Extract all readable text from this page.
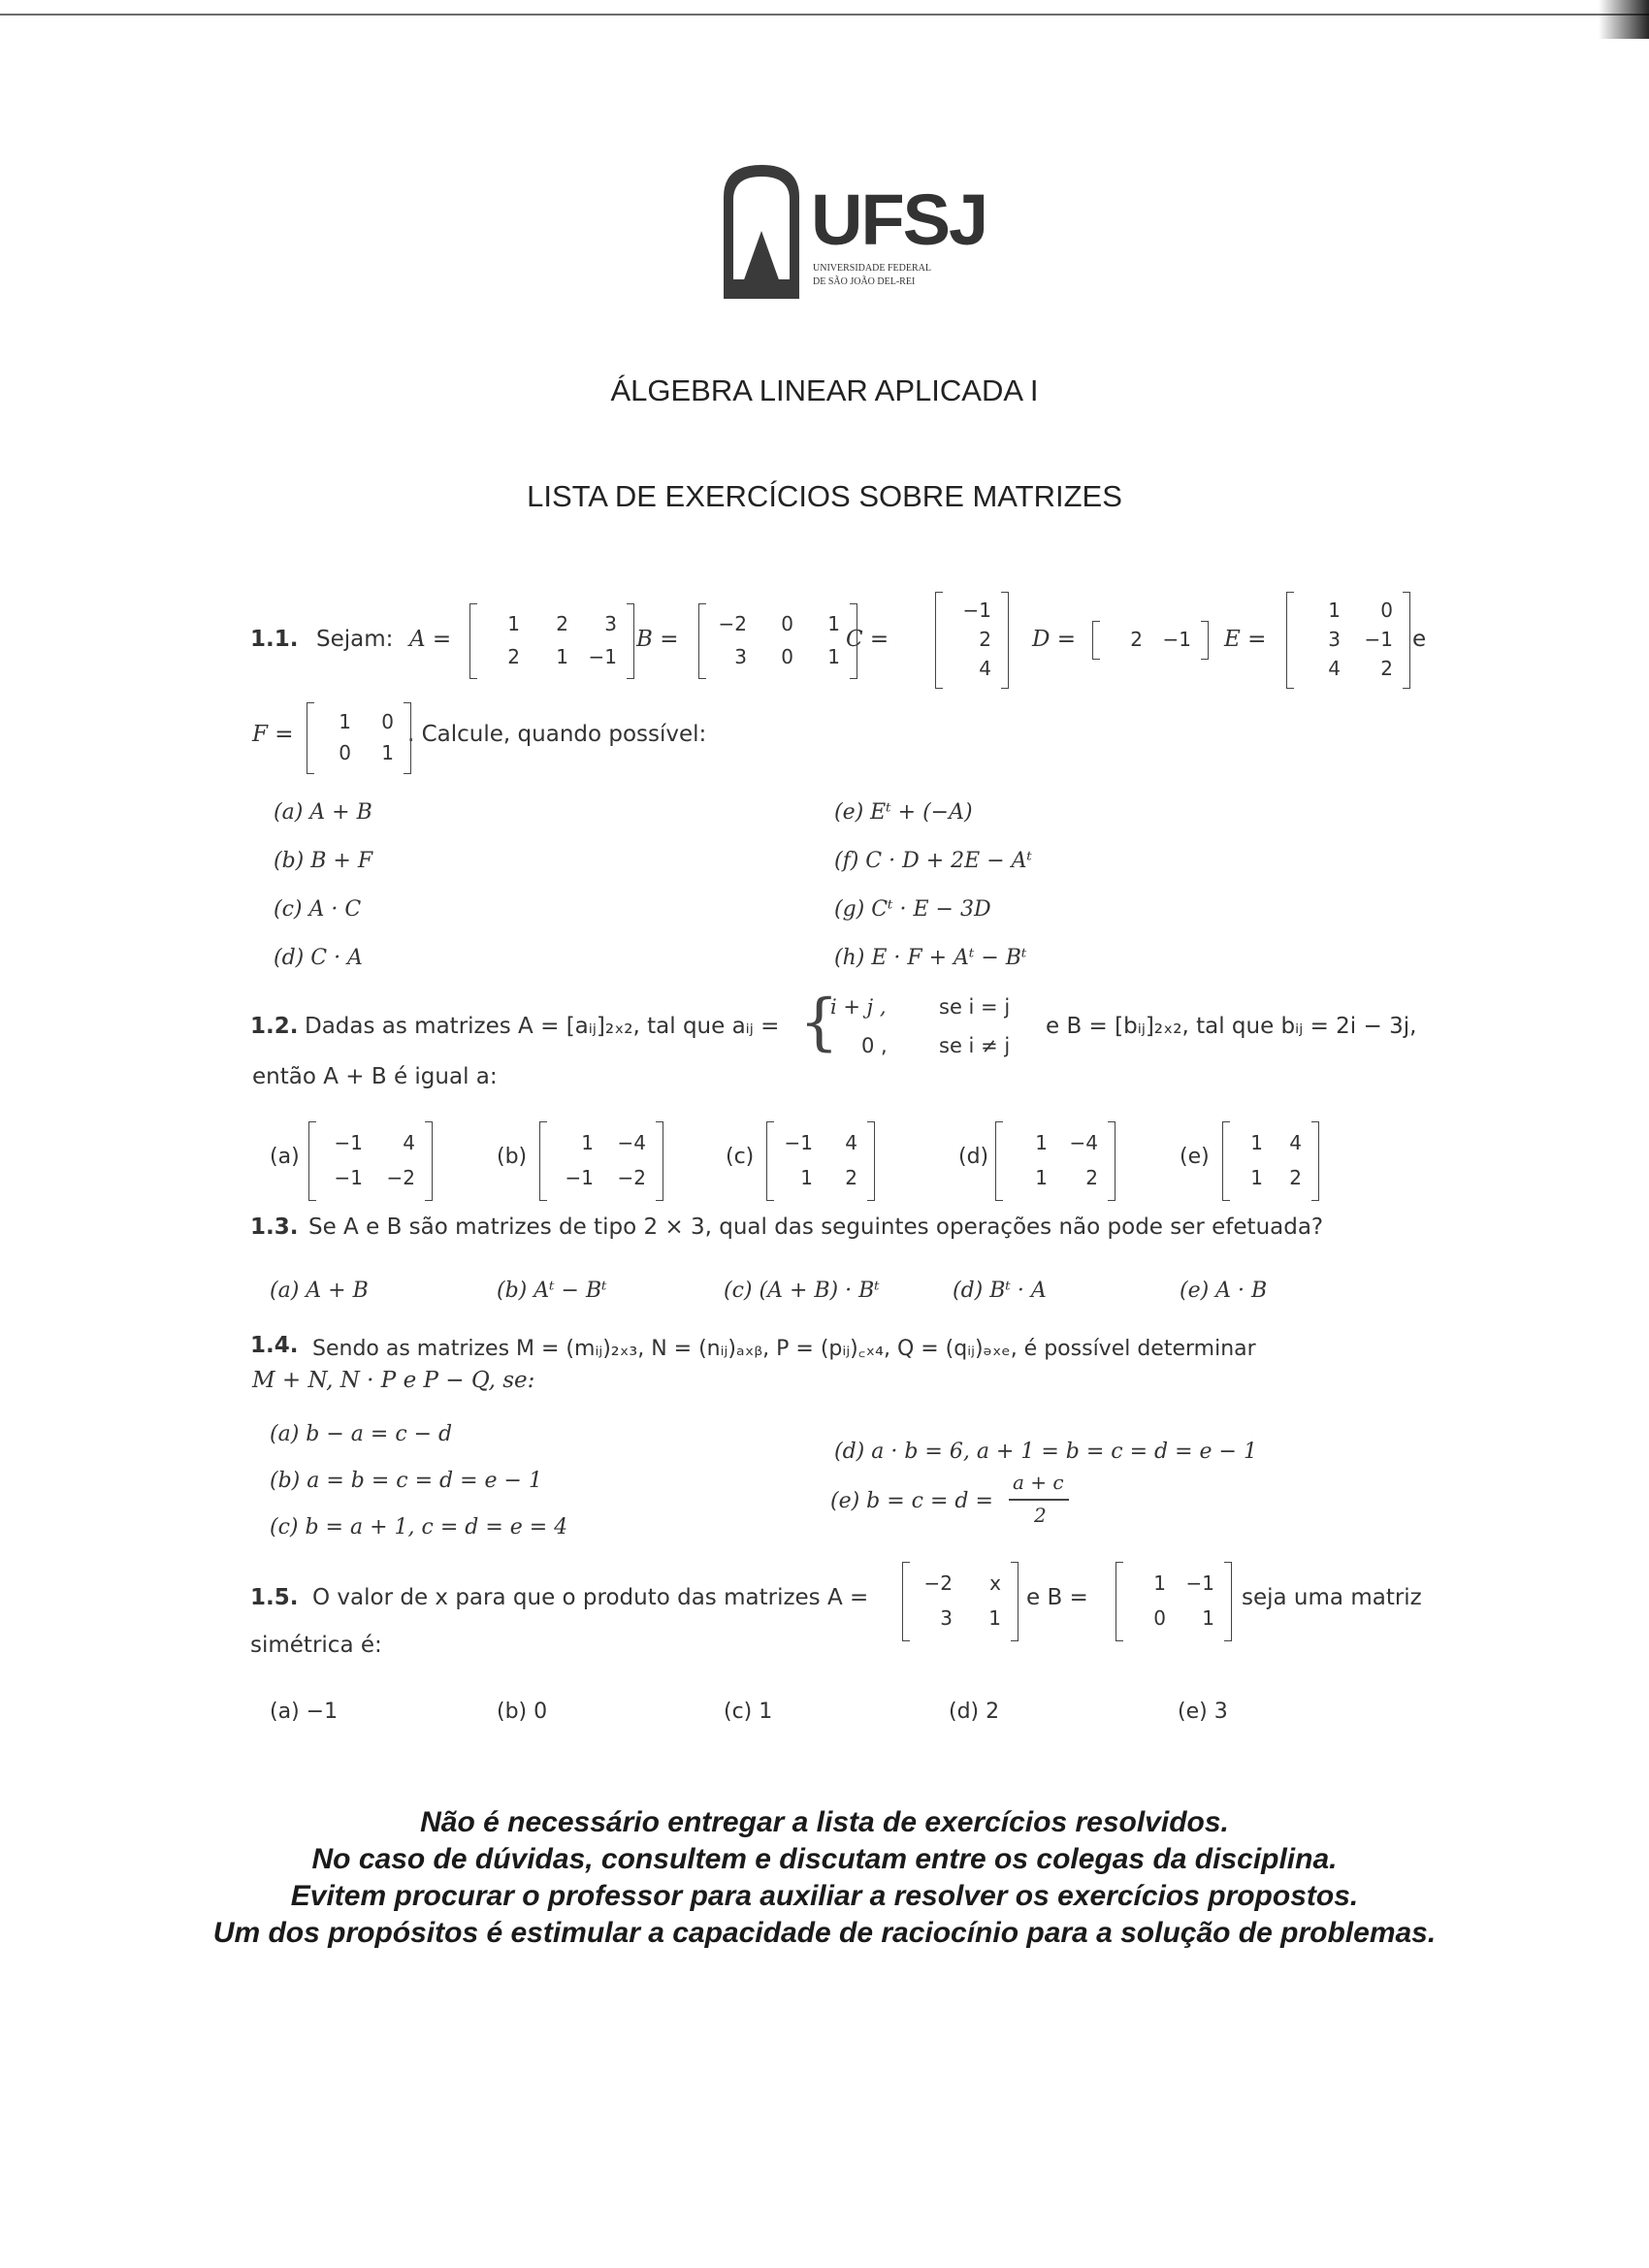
UFSJ
UNIVERSIDADE FEDERAL
DE SÃO JOÃO DEL-REI
ÁLGEBRA LINEAR APLICADA I
LISTA DE EXERCÍCIOS SOBRE MATRIZES
1.1. Sejam: A =	B =	C =	D =	E =	e
F =	. Calcule, quando possível:
1	2	3
2	1	−1
−2	0	1
3	0	1
−1
2
4
2	−1
1	0
3	−1
4	2
1	0
0	1
(a) A + B
(b) B + F
(c) A · C
(d) C · A
(e) Eᵗ + (−A)
(f) C · D + 2E − Aᵗ
(g) Cᵗ · E − 3D
(h) E · F + Aᵗ − Bᵗ
1.2. Dadas as matrizes A = [aᵢⱼ]₂ₓ₂, tal que aᵢⱼ = {
i + j ,	se i = j
0 ,	se i ≠ j
e B = [bᵢⱼ]₂ₓ₂, tal que bᵢⱼ = 2i − 3j,
então A + B é igual a:
(a)	(b)	(c)	(d)	(e)
−1	4
−1	−2
1	−4
−1	−2
−1	4
1	2
1	−4
1	2
1	4
1	2
1.3. Se A e B são matrizes de tipo 2 × 3, qual das seguintes operações não pode ser efetuada?
(a) A + B	(b) Aᵗ − Bᵗ	(c) (A + B) · Bᵗ	(d) Bᵗ · A	(e) A · B
1.4. Sendo as matrizes M = (mᵢⱼ)₂ₓ₃, N = (nᵢⱼ)ₐₓᵦ, P = (pᵢⱼ)꜀ₓ₄, Q = (qᵢⱼ)ₔₓₑ, é possível determinar
M + N, N · P e P − Q, se:
(a) b − a = c − d
(b) a = b = c = d = e − 1
(c) b = a + 1, c = d = e = 4
(d) a · b = 6, a + 1 = b = c = d = e − 1
(e) b = c = d =
a + c
2
1.5. O valor de x para que o produto das matrizes A =	e B =	seja uma matriz
simétrica é:
(a) −1	(b) 0	(c) 1	(d) 2	(e) 3
−2	x
3	1
1	−1
0	1
Não é necessário entregar a lista de exercícios resolvidos.
No caso de dúvidas, consultem e discutam entre os colegas da disciplina.
Evitem procurar o professor para auxiliar a resolver os exercícios propostos.
Um dos propósitos é estimular a capacidade de raciocínio para a solução de problemas.
